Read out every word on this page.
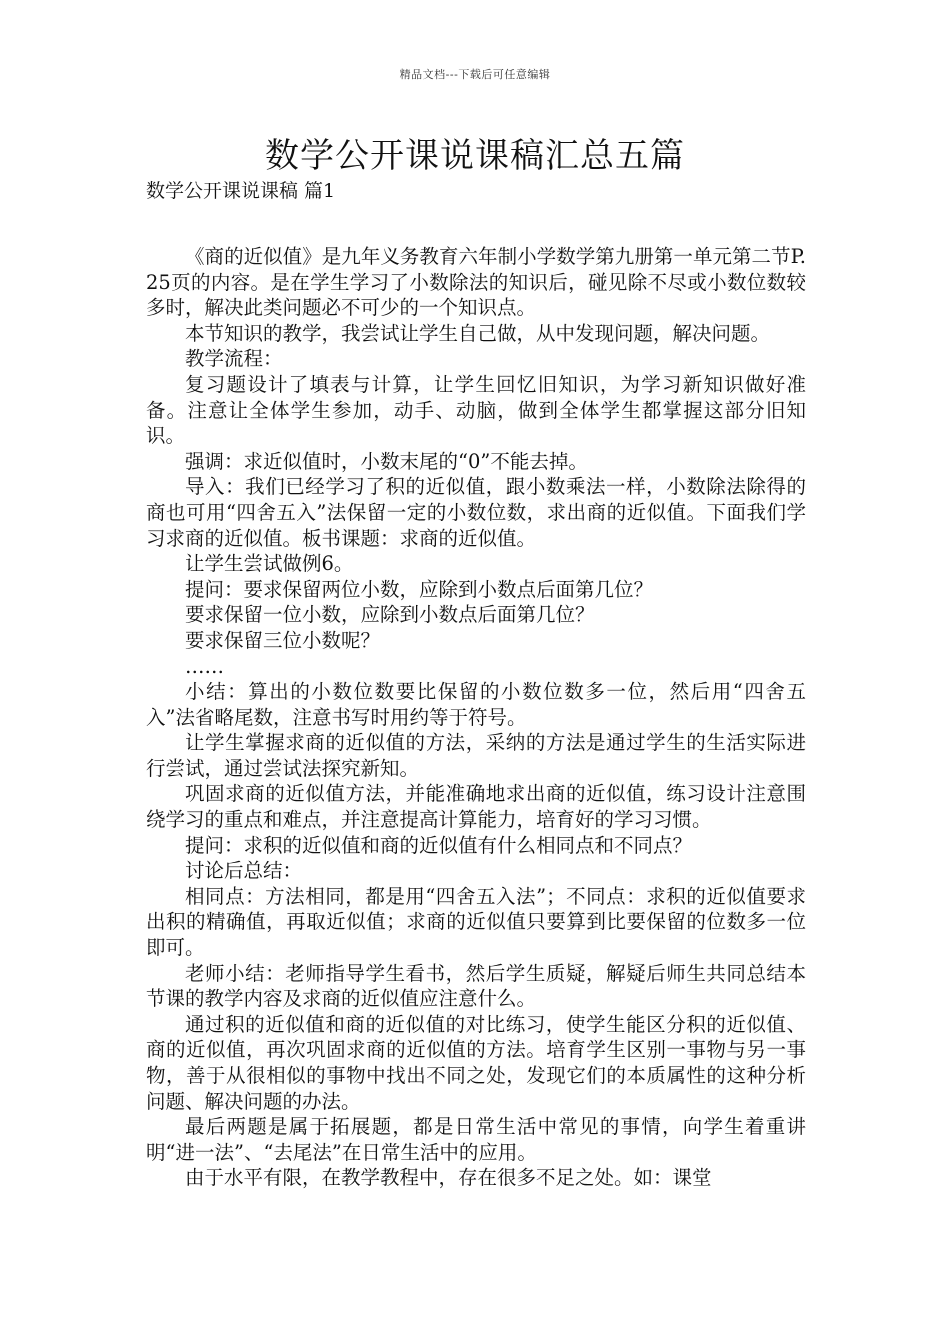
精品文档---下载后可任意编辑
数学公开课说课稿汇总五篇
数学公开课说课稿 篇1

《商的近似值》是九年义务教育六年制小学数学第九册第一单元第二节P.25页的内容。是在学生学习了小数除法的知识后，碰见除不尽或小数位数较多时，解决此类问题必不可少的一个知识点。

本节知识的教学，我尝试让学生自己做，从中发现问题，解决问题。

教学流程：

复习题设计了填表与计算，让学生回忆旧知识，为学习新知识做好准备。注意让全体学生参加，动手、动脑，做到全体学生都掌握这部分旧知识。

强调：求近似值时，小数末尾的“0”不能去掉。

导入：我们已经学习了积的近似值，跟小数乘法一样，小数除法除得的商也可用“四舍五入”法保留一定的小数位数，求出商的近似值。下面我们学习求商的近似值。板书课题：求商的近似值。

让学生尝试做例6。

提问：要求保留两位小数，应除到小数点后面第几位？

要求保留一位小数，应除到小数点后面第几位？

要求保留三位小数呢？

……

小结：算出的小数位数要比保留的小数位数多一位，然后用“四舍五入”法省略尾数，注意书写时用约等于符号。

让学生掌握求商的近似值的方法，采纳的方法是通过学生的生活实际进行尝试，通过尝试法探究新知。

巩固求商的近似值方法，并能准确地求出商的近似值，练习设计注意围绕学习的重点和难点，并注意提高计算能力，培育好的学习习惯。

提问：求积的近似值和商的近似值有什么相同点和不同点？

讨论后总结：

相同点：方法相同，都是用“四舍五入法”；不同点：求积的近似值要求出积的精确值，再取近似值；求商的近似值只要算到比要保留的位数多一位即可。

老师小结：老师指导学生看书，然后学生质疑，解疑后师生共同总结本节课的教学内容及求商的近似值应注意什么。

通过积的近似值和商的近似值的对比练习，使学生能区分积的近似值、商的近似值，再次巩固求商的近似值的方法。培育学生区别一事物与另一事物，善于从很相似的事物中找出不同之处，发现它们的本质属性的这种分析问题、解决问题的办法。

最后两题是属于拓展题，都是日常生活中常见的事情，向学生着重讲明“进一法”、“去尾法”在日常生活中的应用。

由于水平有限，在教学教程中，存在很多不足之处。如：课堂
